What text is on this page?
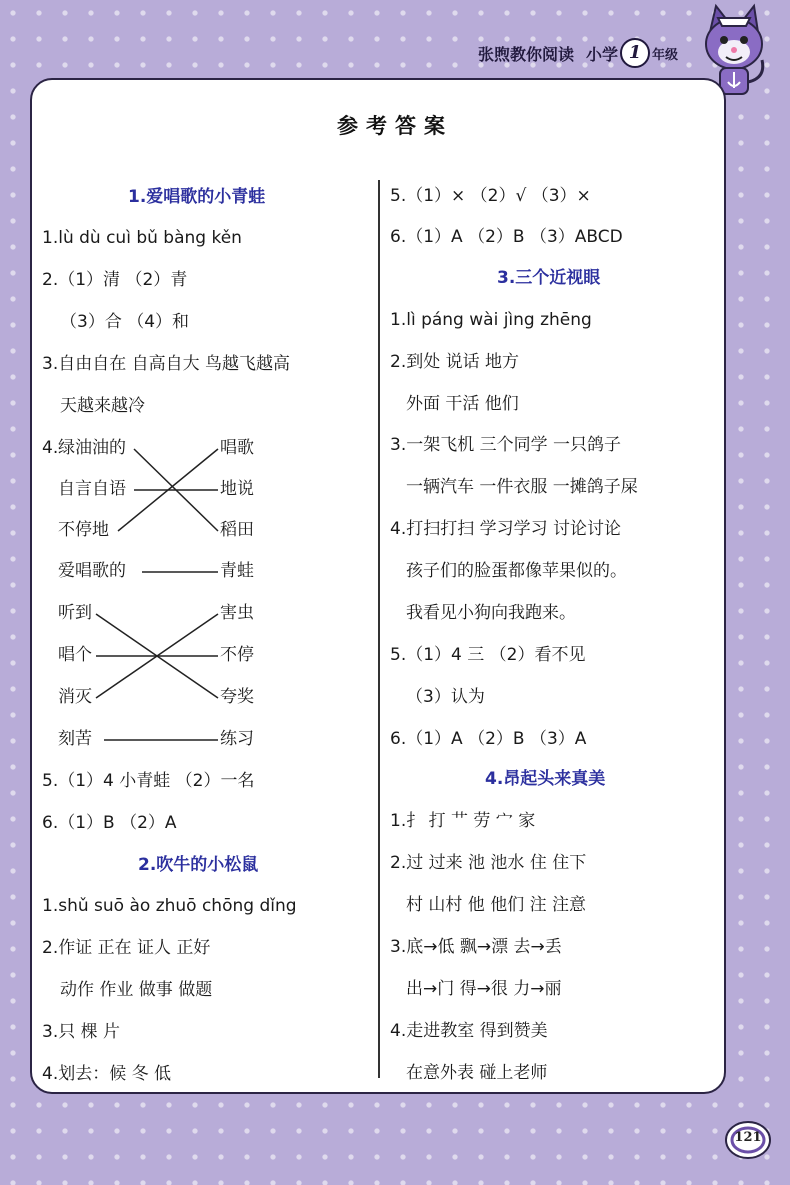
张煦教你阅读 小学 1 年级
参考答案
1.爱唱歌的小青蛙
1.lù dù cuì bǔ bàng kěn
2.（1）清 （2）青
（3）合 （4）和
3.自由自在 自高自大 鸟越飞越高
天越来越冷
4. 绿油油的
自言自语
不停地
爱唱歌的
唱歌
地说
稻田
青蛙
听到
唱个
消灭
刻苦
害虫
不停
夸奖
练习
5.（1）4 小青蛙 （2）一名
6.（1）B （2）A
2.吹牛的小松鼠
1.shǔ suō ào zhuō chōng dǐng
2.作证 正在 证人 正好
动作 作业 做事 做题
3.只 棵 片
4.划去：候 冬 低
5.（1）× （2）√ （3）×
6.（1）A （2）B （3）ABCD
3.三个近视眼
1.lì páng wài jìng zhēng
2.到处 说话 地方
外面 干活 他们
3.一架飞机 三个同学 一只鸽子
一辆汽车 一件衣服 一摊鸽子屎
4.打扫打扫 学习学习 讨论讨论
孩子们的脸蛋都像苹果似的。
我看见小狗向我跑来。
5.（1）4 三 （2）看不见
（3）认为
6.（1）A （2）B （3）A
4.昂起头来真美
1.扌 打 艹 劳 宀 家
2.过 过来 池 池水 住 住下
村 山村 他 他们 注 注意
3.底→低 飘→漂 去→丢
出→门 得→很 力→丽
4.走进教室 得到赞美
在意外表 碰上老师
121
